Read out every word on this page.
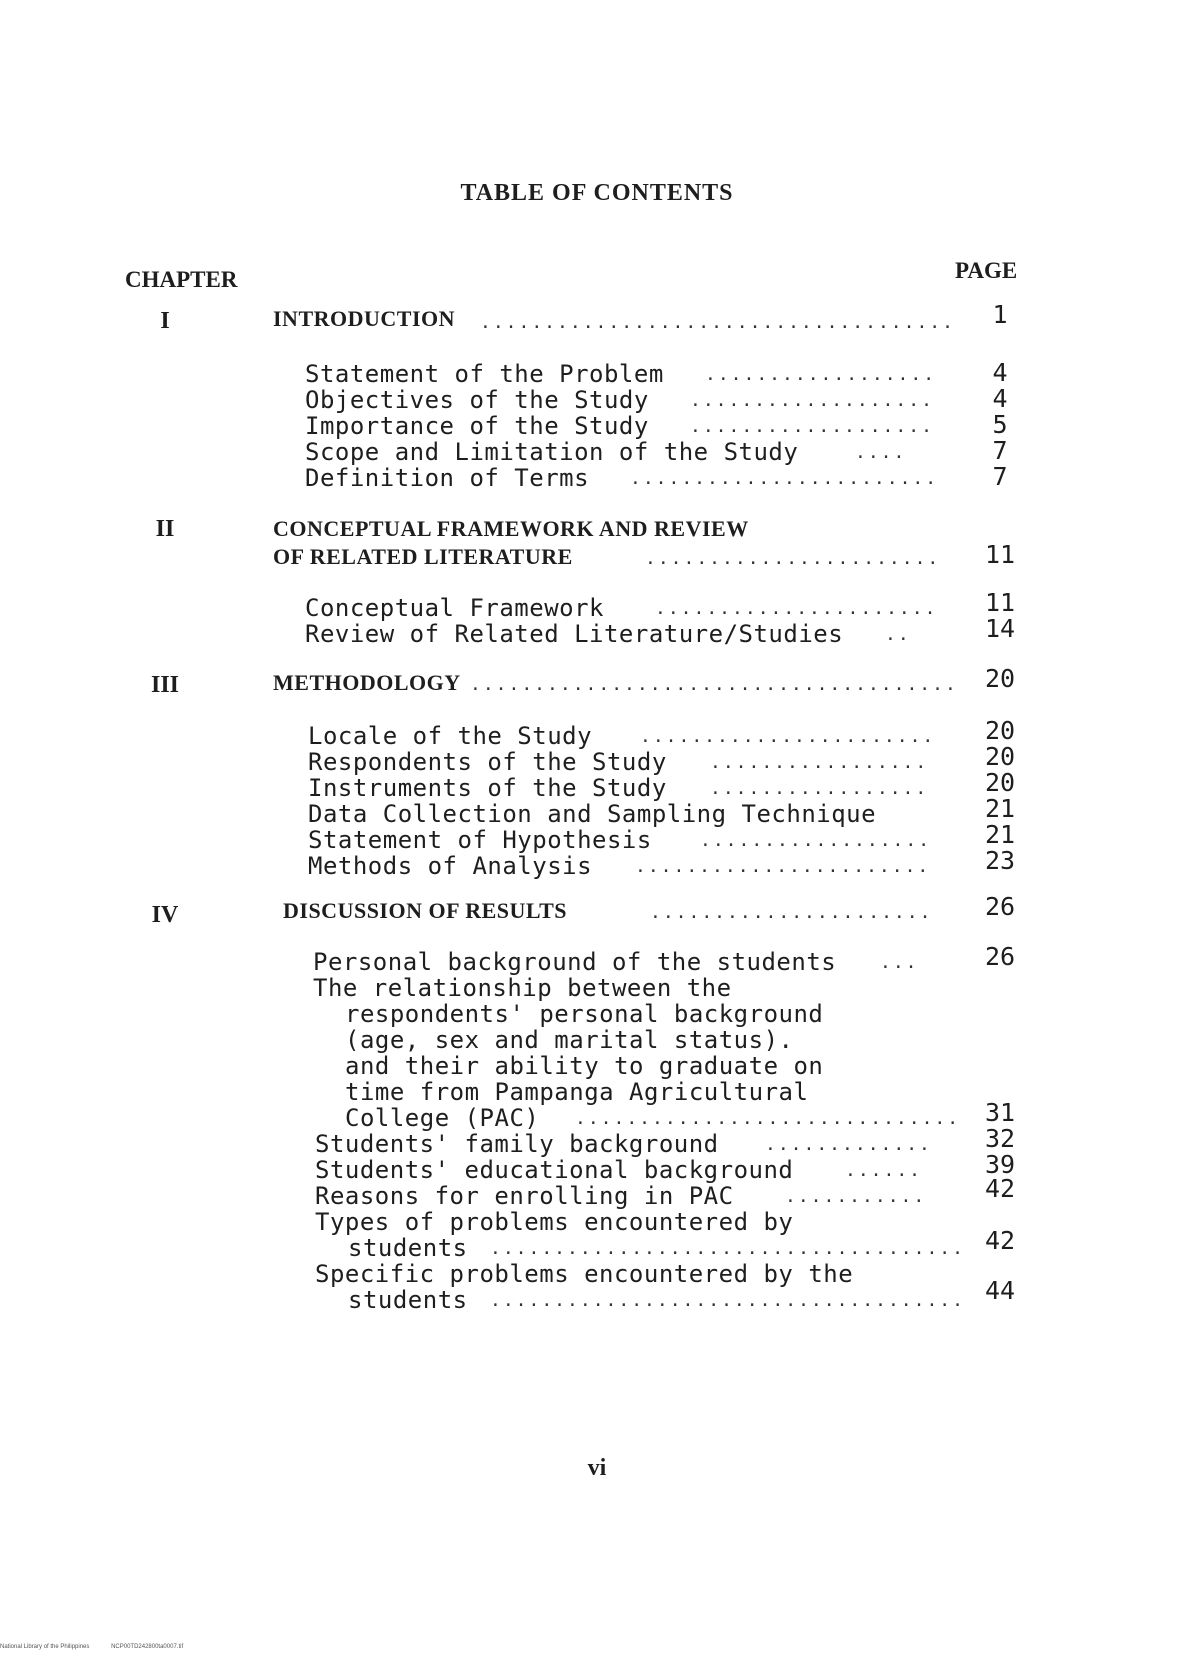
TABLE OF CONTENTS
CHAPTER	PAGE
I	INTRODUCTION .....................................	1
Statement of the Problem ..................	4
Objectives of the Study ...................	4
Importance of the Study ...................	5
Scope and Limitation of the Study	....	7
Definition of Terms ........................	7
II	CONCEPTUAL FRAMEWORK AND REVIEW
OF RELATED LITERATURE	.......................	11
Conceptual Framework	......................	11
Review of Related Literature/Studies ..	14
III	METHODOLOGY ......................................	20
Locale of the Study	.......................	20
Respondents of the Study .................	20
Instruments of the Study .................	20
Data Collection and Sampling Technique	21
Statement of Hypothesis	..................	21
Methods of Analysis .......................	23
IV	DISCUSSION OF RESULTS	......................	26
Personal background of the students ...	26
The relationship between the
respondents' personal background
(age, sex and marital status).
and their ability to graduate on
time from Pampanga Agricultural
College (PAC) .............................. 31
Students' family background	.............	32
Students' educational background	......	39
Reasons for enrolling in PAC	...........	42
Types of problems encountered by
students ..................................... 42
Specific problems encountered by the
students ..................................... 44
vi
National Library of the Philippines	NCP00TD242800ta0007.tif
